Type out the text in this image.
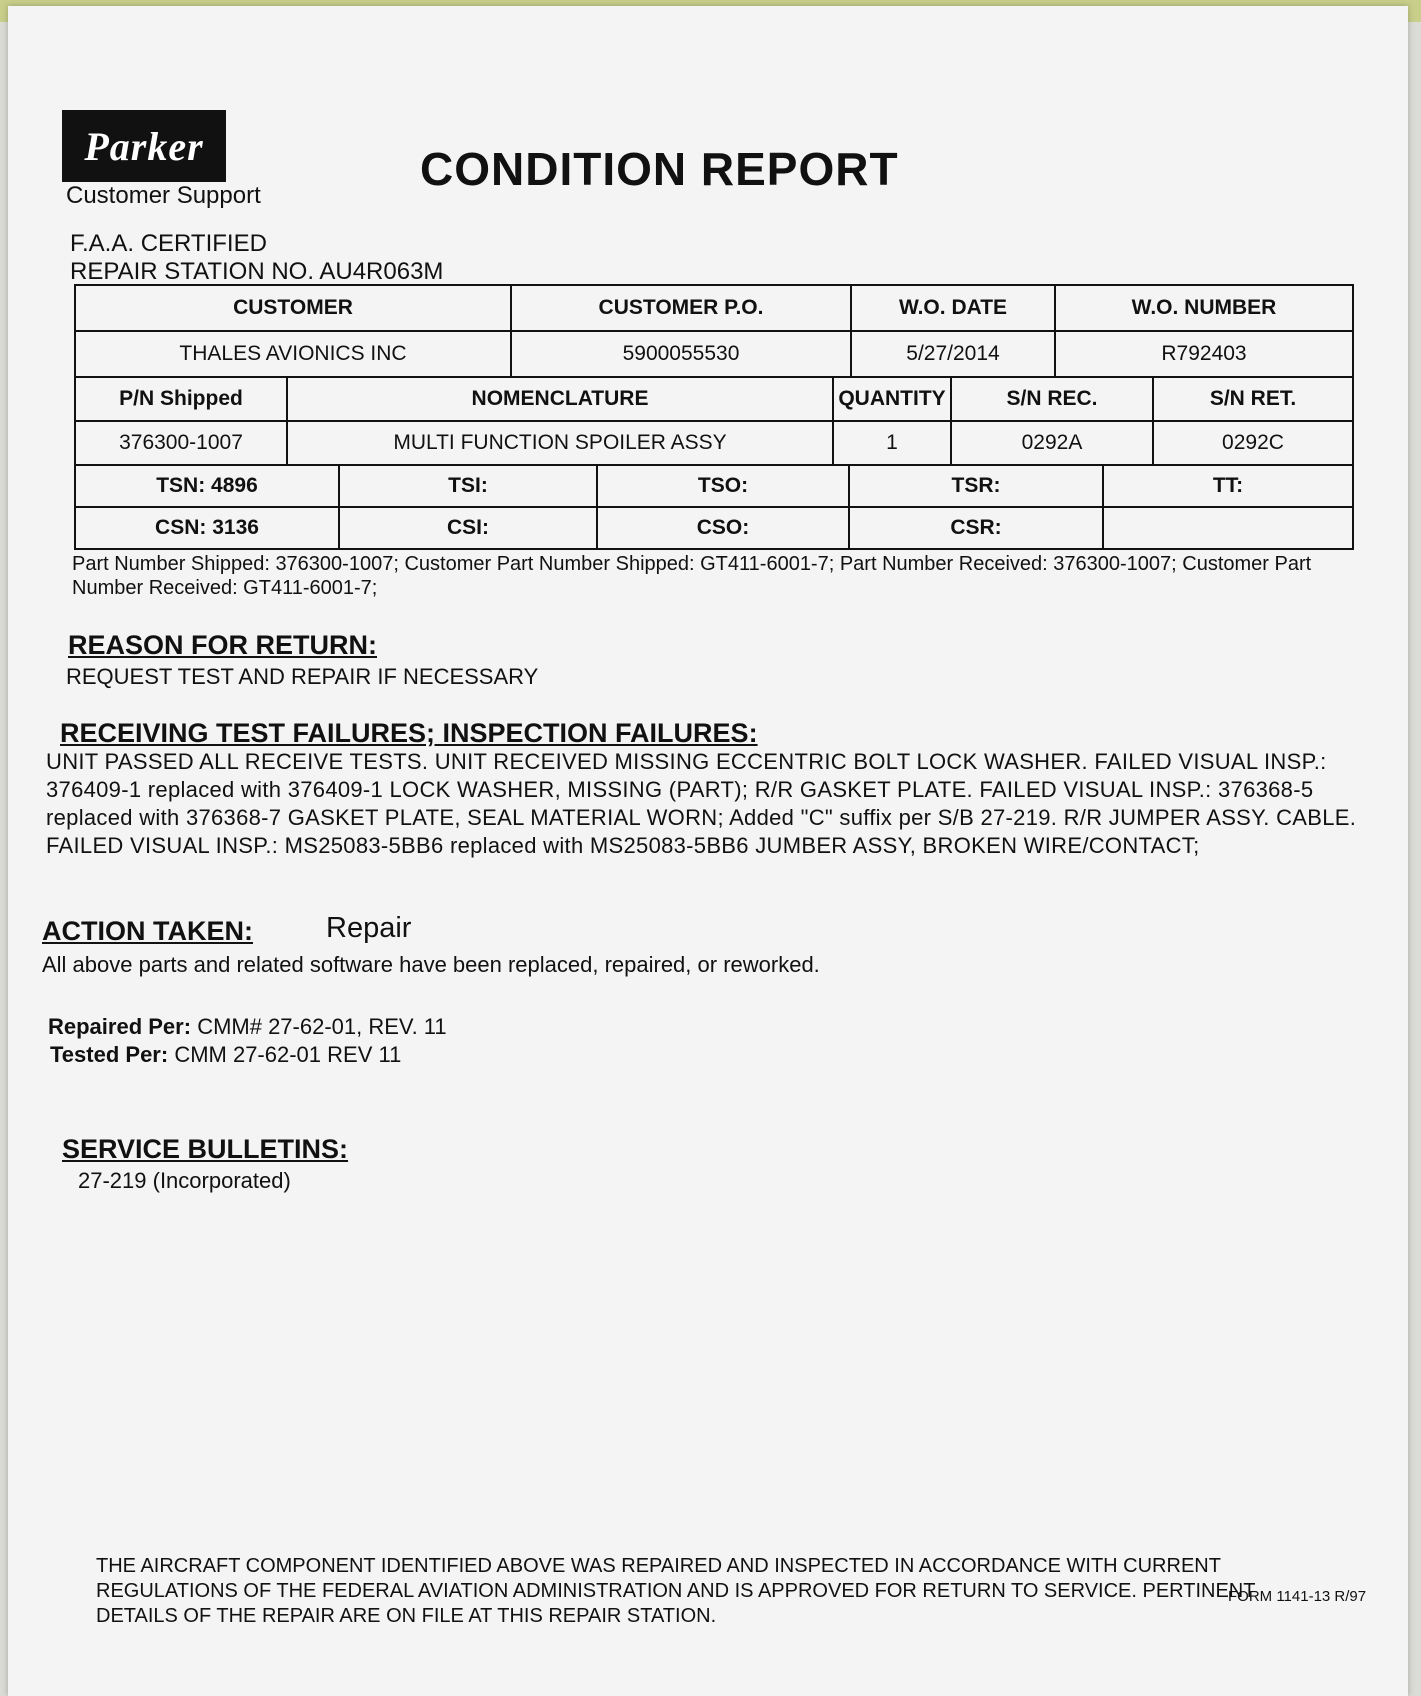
Parker
Customer Support
CONDITION REPORT
F.A.A. CERTIFIED
REPAIR STATION NO. AU4R063M
CUSTOMER	CUSTOMER P.O.	W.O. DATE	W.O. NUMBER
THALES AVIONICS INC	5900055530	5/27/2014	R792403
P/N Shipped	NOMENCLATURE	QUANTITY	S/N REC.	S/N RET.
376300-1007	MULTI FUNCTION SPOILER ASSY	1	0292A	0292C
TSN: 4896	TSI:	TSO:	TSR:	TT:
CSN: 3136	CSI:	CSO:	CSR:	
Part Number Shipped: 376300-1007; Customer Part Number Shipped: GT411-6001-7; Part Number Received: 376300-1007; Customer Part Number Received: GT411-6001-7;
REASON FOR RETURN:
REQUEST TEST AND REPAIR IF NECESSARY
RECEIVING TEST FAILURES; INSPECTION FAILURES:
UNIT PASSED ALL RECEIVE TESTS. UNIT RECEIVED MISSING ECCENTRIC BOLT LOCK WASHER. FAILED VISUAL INSP.: 376409-1 replaced with 376409-1 LOCK WASHER, MISSING (PART); R/R GASKET PLATE. FAILED VISUAL INSP.: 376368-5 replaced with 376368-7 GASKET PLATE, SEAL MATERIAL WORN; Added "C" suffix per S/B 27-219. R/R JUMPER ASSY. CABLE. FAILED VISUAL INSP.: MS25083-5BB6 replaced with MS25083-5BB6 JUMBER ASSY, BROKEN WIRE/CONTACT;
ACTION TAKEN:	Repair
All above parts and related software have been replaced, repaired, or reworked.
Repaired Per: CMM# 27-62-01, REV. 11
Tested Per: CMM 27-62-01 REV 11
SERVICE BULLETINS:
27-219 (Incorporated)
THE AIRCRAFT COMPONENT IDENTIFIED ABOVE WAS REPAIRED AND INSPECTED IN ACCORDANCE WITH CURRENT REGULATIONS OF THE FEDERAL AVIATION ADMINISTRATION AND IS APPROVED FOR RETURN TO SERVICE. PERTINENT DETAILS OF THE REPAIR ARE ON FILE AT THIS REPAIR STATION.
FORM 1141-13 R/97
